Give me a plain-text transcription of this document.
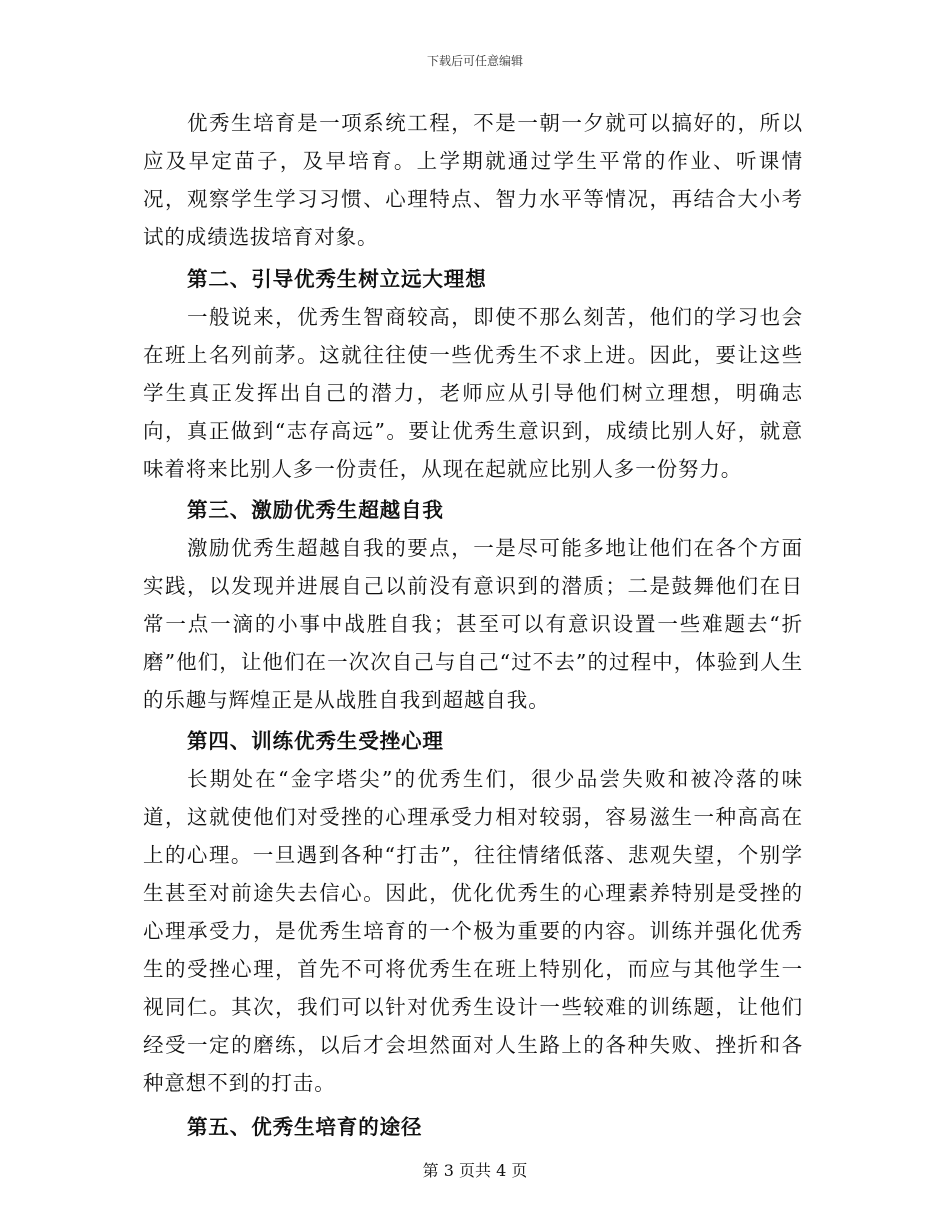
下载后可任意编辑

优秀生培育是一项系统工程，不是一朝一夕就可以搞好的，所以应及早定苗子，及早培育。上学期就通过学生平常的作业、听课情况，观察学生学习习惯、心理特点、智力水平等情况，再结合大小考试的成绩选拔培育对象。

第二、引导优秀生树立远大理想

一般说来，优秀生智商较高，即使不那么刻苦，他们的学习也会在班上名列前茅。这就往往使一些优秀生不求上进。因此，要让这些学生真正发挥出自己的潜力，老师应从引导他们树立理想，明确志向，真正做到“志存高远”。要让优秀生意识到，成绩比别人好，就意味着将来比别人多一份责任，从现在起就应比别人多一份努力。

第三、激励优秀生超越自我

激励优秀生超越自我的要点，一是尽可能多地让他们在各个方面实践，以发现并进展自己以前没有意识到的潜质；二是鼓舞他们在日常一点一滴的小事中战胜自我；甚至可以有意识设置一些难题去“折磨”他们，让他们在一次次自己与自己“过不去”的过程中，体验到人生的乐趣与辉煌正是从战胜自我到超越自我。

第四、训练优秀生受挫心理

长期处在“金字塔尖”的优秀生们，很少品尝失败和被冷落的味道，这就使他们对受挫的心理承受力相对较弱，容易滋生一种高高在上的心理。一旦遇到各种“打击”，往往情绪低落、悲观失望，个别学生甚至对前途失去信心。因此，优化优秀生的心理素养特别是受挫的心理承受力，是优秀生培育的一个极为重要的内容。训练并强化优秀生的受挫心理，首先不可将优秀生在班上特别化，而应与其他学生一视同仁。其次，我们可以针对优秀生设计一些较难的训练题，让他们经受一定的磨练，以后才会坦然面对人生路上的各种失败、挫折和各种意想不到的打击。

第五、优秀生培育的途径

第 3 页共 4 页
